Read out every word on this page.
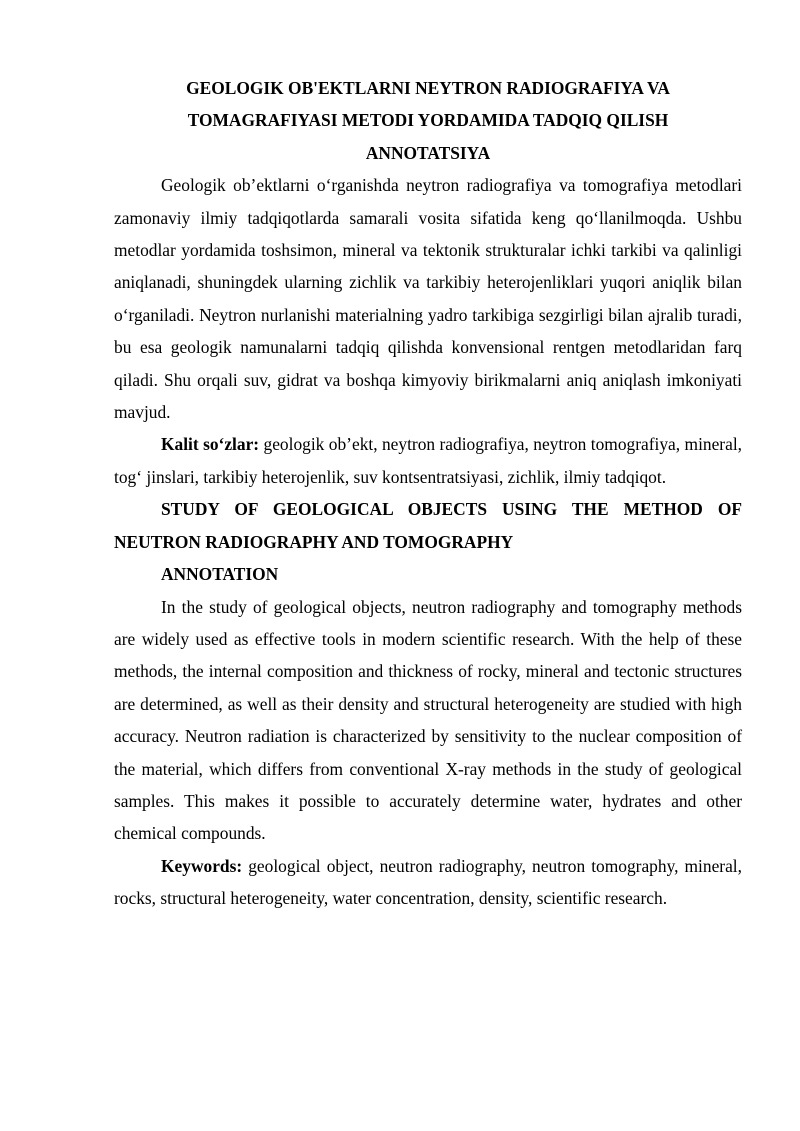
GEOLOGIK OB'EKTLARNI NEYTRON RADIOGRAFIYA VA

TOMAGRAFIYASI METODI YORDAMIDA TADQIQ QILISH

ANNOTATSIYA

Geologik ob’ektlarni o‘rganishda neytron radiografiya va tomografiya metodlari zamonaviy ilmiy tadqiqotlarda samarali vosita sifatida keng qo‘llanilmoqda. Ushbu metodlar yordamida toshsimon, mineral va tektonik strukturalar ichki tarkibi va qalinligi aniqlanadi, shuningdek ularning zichlik va tarkibiy heterojenliklari yuqori aniqlik bilan o‘rganiladi. Neytron nurlanishi materialning yadro tarkibiga sezgirligi bilan ajralib turadi, bu esa geologik namunalarni tadqiq qilishda konvensional rentgen metodlaridan farq qiladi. Shu orqali suv, gidrat va boshqa kimyoviy birikmalarni aniq aniqlash imkoniyati mavjud.

Kalit so‘zlar: geologik ob’ekt, neytron radiografiya, neytron tomografiya, mineral, tog‘ jinslari, tarkibiy heterojenlik, suv kontsentratsiyasi, zichlik, ilmiy tadqiqot.

STUDY OF GEOLOGICAL OBJECTS USING THE METHOD OF NEUTRON RADIOGRAPHY AND TOMOGRAPHY

ANNOTATION

In the study of geological objects, neutron radiography and tomography methods are widely used as effective tools in modern scientific research. With the help of these methods, the internal composition and thickness of rocky, mineral and tectonic structures are determined, as well as their density and structural heterogeneity are studied with high accuracy. Neutron radiation is characterized by sensitivity to the nuclear composition of the material, which differs from conventional X-ray methods in the study of geological samples. This makes it possible to accurately determine water, hydrates and other chemical compounds.

Keywords: geological object, neutron radiography, neutron tomography, mineral, rocks, structural heterogeneity, water concentration, density, scientific research.
